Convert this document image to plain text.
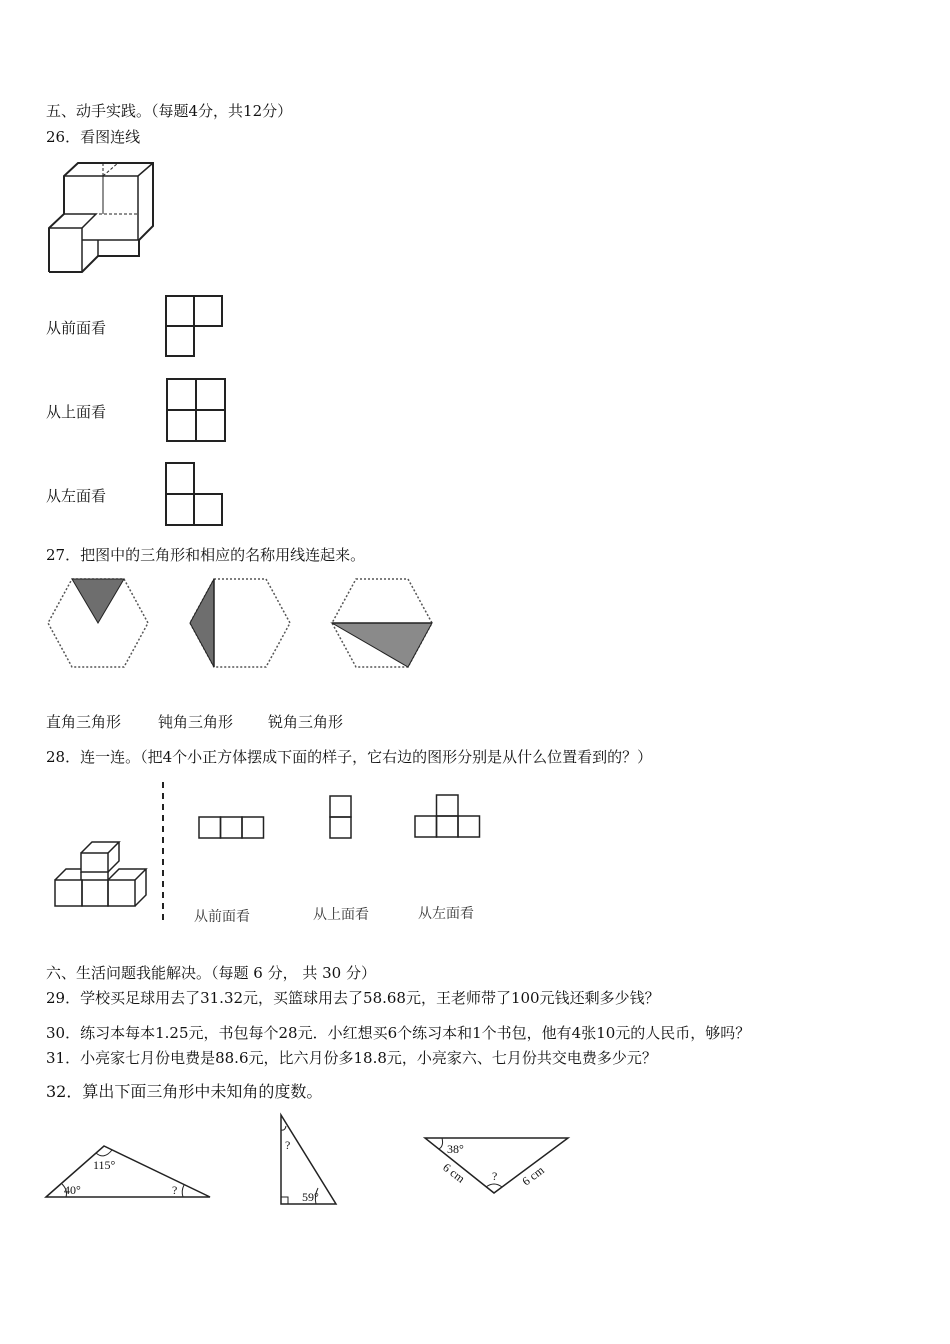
五、动手实践。（每题4分，共12分）
26．看图连线
从前面看
从上面看
从左面看
27．把图中的三角形和相应的名称用线连起来。
直角三角形 钝角三角形 锐角三角形
28．连一连。（把4个小正方体摆成下面的样子，它右边的图形分别是从什么位置看到的？）
从前面看	从上面看	从左面看
六、生活问题我能解决。（每题 6 分， 共 30 分）
29．学校买足球用去了31.32元，买篮球用去了58.68元，王老师带了100元钱还剩多少钱？
30．练习本每本1.25元，书包每个28元．小红想买6个练习本和1个书包，他有4张10元的人民币，够吗？
31．小亮家七月份电费是88.6元，比六月份多18.8元，小亮家六、七月份共交电费多少元？
32．算出下面三角形中未知角的度数。
115°
40°	?
?
59°
38°
?
6 cm	6 cm
